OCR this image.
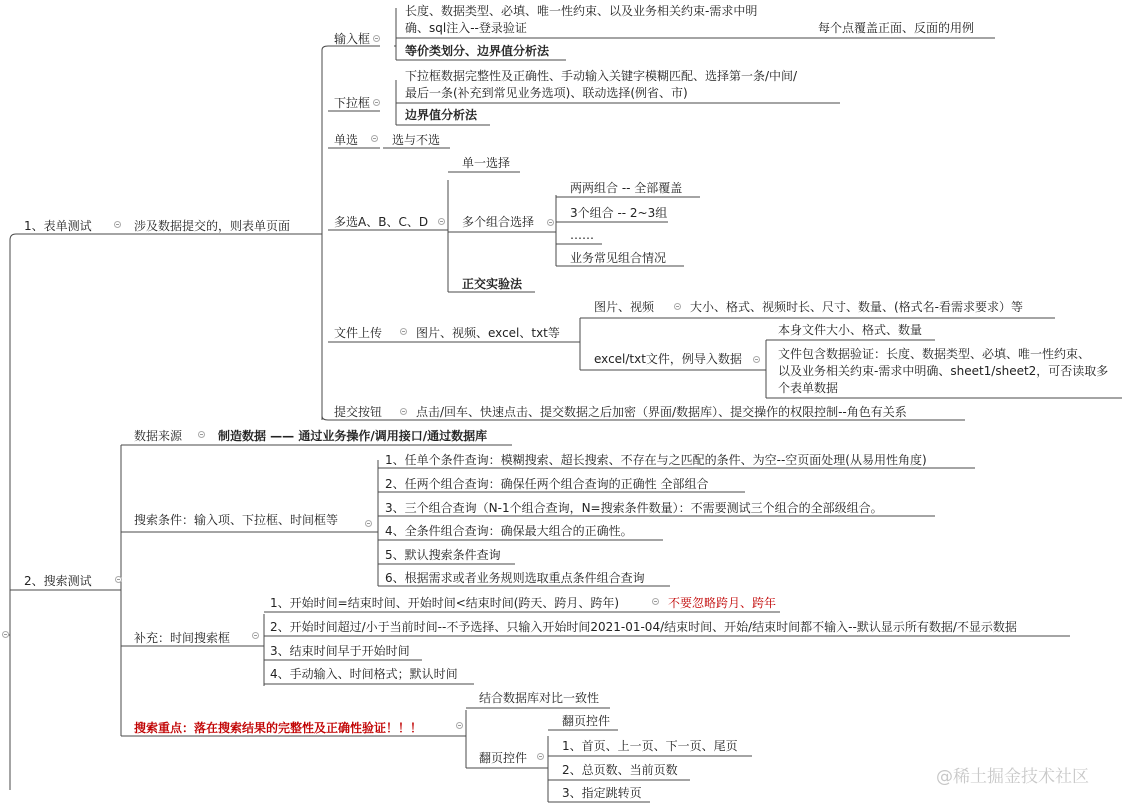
1、表单测试	涉及数据提交的，则表单页面
输入框
长度、数据类型、必填、唯一性约束、以及业务相关约束-需求中明
确、sql注入--登录验证	每个点覆盖正面、反面的用例
等价类划分、边界值分析法
下拉框
下拉框数据完整性及正确性、手动输入关键字模糊匹配、选择第一条/中间/
最后一条(补充到常见业务选项)、联动选择(例省、市)
边界值分析法
单选	选与不选
多选A、B、C、D
单一选择
多个组合选择
两两组合 -- 全部覆盖
3个组合 -- 2~3组
……
业务常见组合情况
正交实验法
文件上传	图片、视频、excel、txt等
图片、视频	大小、格式、视频时长、尺寸、数量、(格式名-看需求要求）等
excel/txt文件，例导入数据
本身文件大小、格式、数量
文件包含数据验证：长度、数据类型、必填、唯一性约束、
以及业务相关约束-需求中明确、sheet1/sheet2，可否读取多
个表单数据
提交按钮	点击/回车、快速点击、提交数据之后加密（界面/数据库）、提交操作的权限控制--角色有关系
2、搜索测试
数据来源	制造数据 —— 通过业务操作/调用接口/通过数据库
搜索条件：输入项、下拉框、时间框等
1、任单个条件查询：模糊搜索、超长搜索、不存在与之匹配的条件、为空--空页面处理(从易用性角度)
2、任两个组合查询：确保任两个组合查询的正确性 全部组合
3、三个组合查询（N-1个组合查询，N=搜索条件数量）：不需要测试三个组合的全部级组合。
4、全条件组合查询：确保最大组合的正确性。
5、默认搜索条件查询
6、根据需求或者业务规则选取重点条件组合查询
补充：时间搜索框
1、开始时间=结束时间、开始时间<结束时间(跨天、跨月、跨年)	不要忽略跨月、跨年
2、开始时间超过/小于当前时间--不予选择、只输入开始时间2021-01-04/结束时间、开始/结束时间都不输入--默认显示所有数据/不显示数据
3、结束时间早于开始时间
4、手动输入、时间格式；默认时间
搜索重点：落在搜索结果的完整性及正确性验证！！！
结合数据库对比一致性
翻页控件
翻页控件
1、首页、上一页、下一页、尾页
2、总页数、当前页数
3、指定跳转页
@稀土掘金技术社区
